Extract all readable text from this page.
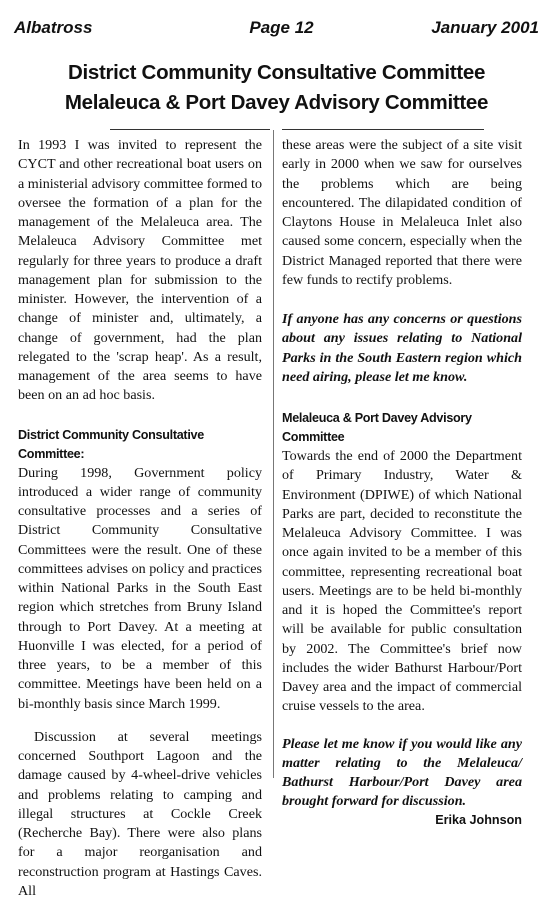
Albatross	Page 12	January 2001
District Community Consultative Committee
Melaleuca & Port Davey Advisory Committee

In 1993 I was invited to represent the CYCT and other recreational boat users on a ministerial advisory committee formed to oversee the formation of a plan for the management of the Melaleuca area. The Melaleuca Advisory Committee met regularly for three years to produce a draft management plan for submission to the minister. However, the intervention of a change of minister and, ultimately, a change of government, had the plan relegated to the 'scrap heap'. As a result, management of the area seems to have been on an ad hoc basis.

District Community Consultative Committee:

During 1998, Government policy introduced a wider range of community consultative processes and a series of District Community Consultative Committees were the result. One of these committees advises on policy and practices within National Parks in the South East region which stretches from Bruny Island through to Port Davey. At a meeting at Huonville I was elected, for a period of three years, to be a member of this committee. Meetings have been held on a bi-monthly basis since March 1999.

Discussion at several meetings concerned Southport Lagoon and the damage caused by 4-wheel-drive vehicles and problems relating to camping and illegal structures at Cockle Creek (Recherche Bay). There were also plans for a major reorganisation and reconstruction program at Hastings Caves. All

these areas were the subject of a site visit early in 2000 when we saw for ourselves the problems which are being encountered. The dilapidated condition of Claytons House in Melaleuca Inlet also caused some concern, especially when the District Managed reported that there were few funds to rectify problems.

If anyone has any concerns or questions about any issues relating to National Parks in the South Eastern region which need airing, please let me know.

Melaleuca & Port Davey Advisory Committee

Towards the end of 2000 the Department of Primary Industry, Water & Environment (DPIWE) of which National Parks are part, decided to reconstitute the Melaleuca Advisory Committee. I was once again invited to be a member of this committee, representing recreational boat users. Meetings are to be held bi-monthly and it is hoped the Committee's report will be available for public consultation by 2002. The Committee's brief now includes the wider Bathurst Harbour/Port Davey area and the impact of commercial cruise vessels to the area.

Please let me know if you would like any matter relating to the Melaleuca/ Bathurst Harbour/Port Davey area brought forward for discussion.

Erika Johnson
